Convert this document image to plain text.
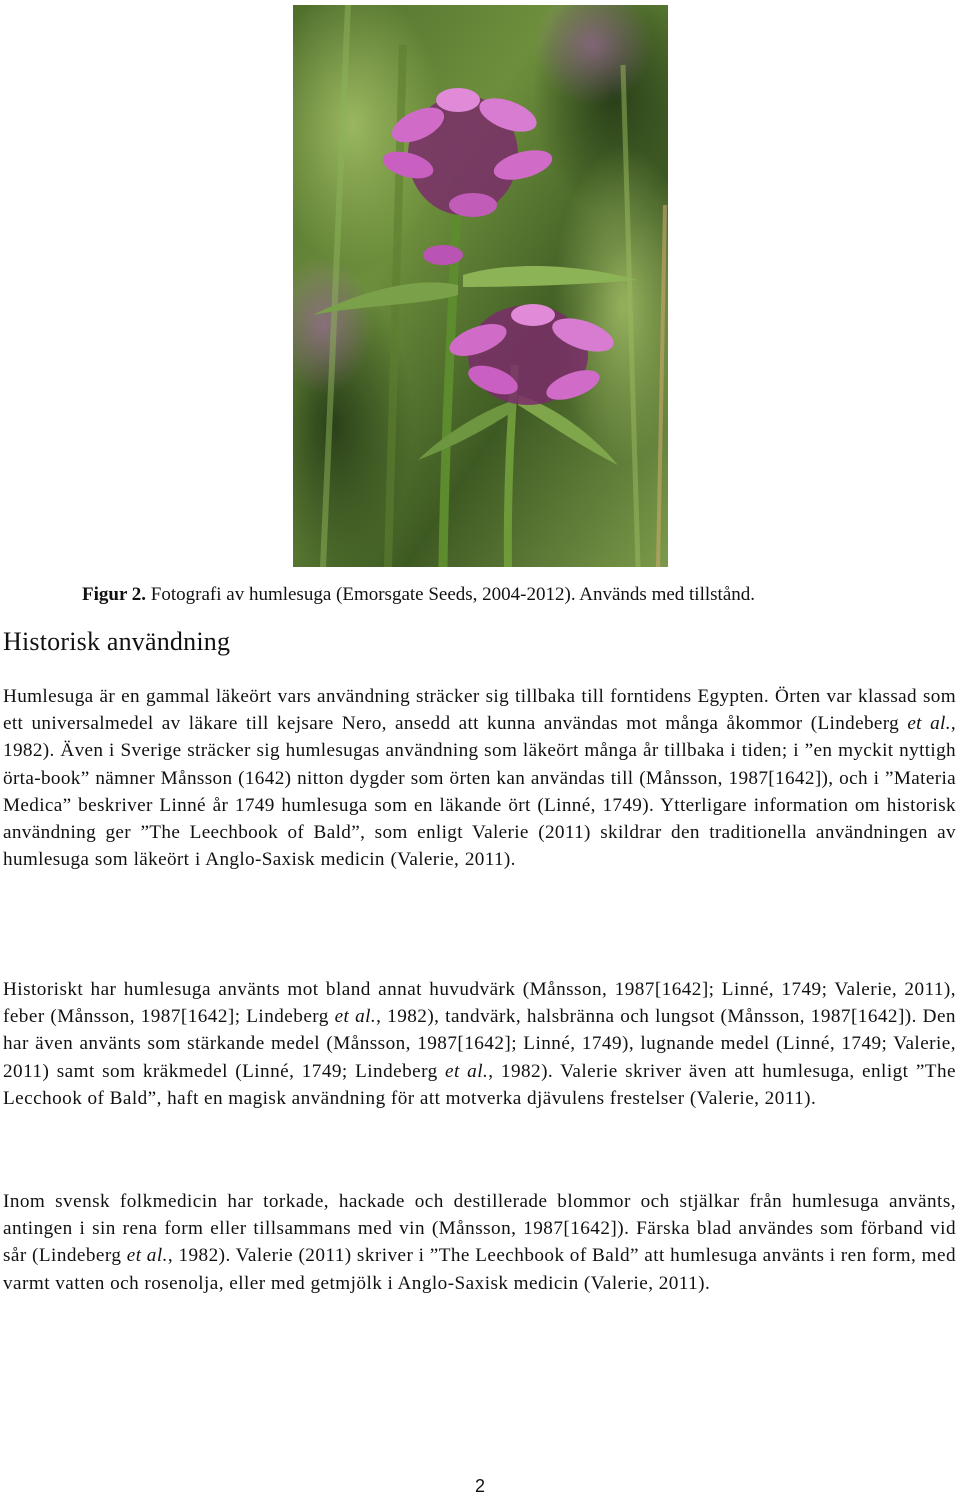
Figur 2. Fotografi av humlesuga (Emorsgate Seeds, 2004-2012). Används med tillstånd.
Historisk användning

Humlesuga är en gammal läkeört vars användning sträcker sig tillbaka till forntidens Egypten. Örten var klassad som ett universalmedel av läkare till kejsare Nero, ansedd att kunna användas mot många åkommor (Lindeberg et al., 1982). Även i Sverige sträcker sig humlesugas användning som läkeört många år tillbaka i tiden; i ”en myckit nyttigh örta-book” nämner Månsson (1642) nitton dygder som örten kan användas till (Månsson, 1987[1642]), och i ”Materia Medica” beskriver Linné år 1749 humlesuga som en läkande ört (Linné, 1749). Ytterligare information om historisk användning ger ”The Leechbook of Bald”, som enligt Valerie (2011) skildrar den traditionella användningen av humlesuga som läkeört i Anglo-Saxisk medicin (Valerie, 2011).

Historiskt har humlesuga använts mot bland annat huvudvärk (Månsson, 1987[1642]; Linné, 1749; Valerie, 2011), feber (Månsson, 1987[1642]; Lindeberg et al., 1982), tandvärk, halsbränna och lungsot (Månsson, 1987[1642]). Den har även använts som stärkande medel (Månsson, 1987[1642]; Linné, 1749), lugnande medel (Linné, 1749; Valerie, 2011) samt som kräkmedel (Linné, 1749; Lindeberg et al., 1982). Valerie skriver även att humlesuga, enligt ”The Lecchook of Bald”, haft en magisk användning för att motverka djävulens frestelser (Valerie, 2011).

Inom svensk folkmedicin har torkade, hackade och destillerade blommor och stjälkar från humlesuga använts, antingen i sin rena form eller tillsammans med vin (Månsson, 1987[1642]). Färska blad användes som förband vid sår (Lindeberg et al., 1982). Valerie (2011) skriver i ”The Leechbook of Bald” att humlesuga använts i ren form, med varmt vatten och rosenolja, eller med getmjölk i Anglo-Saxisk medicin (Valerie, 2011).

2
